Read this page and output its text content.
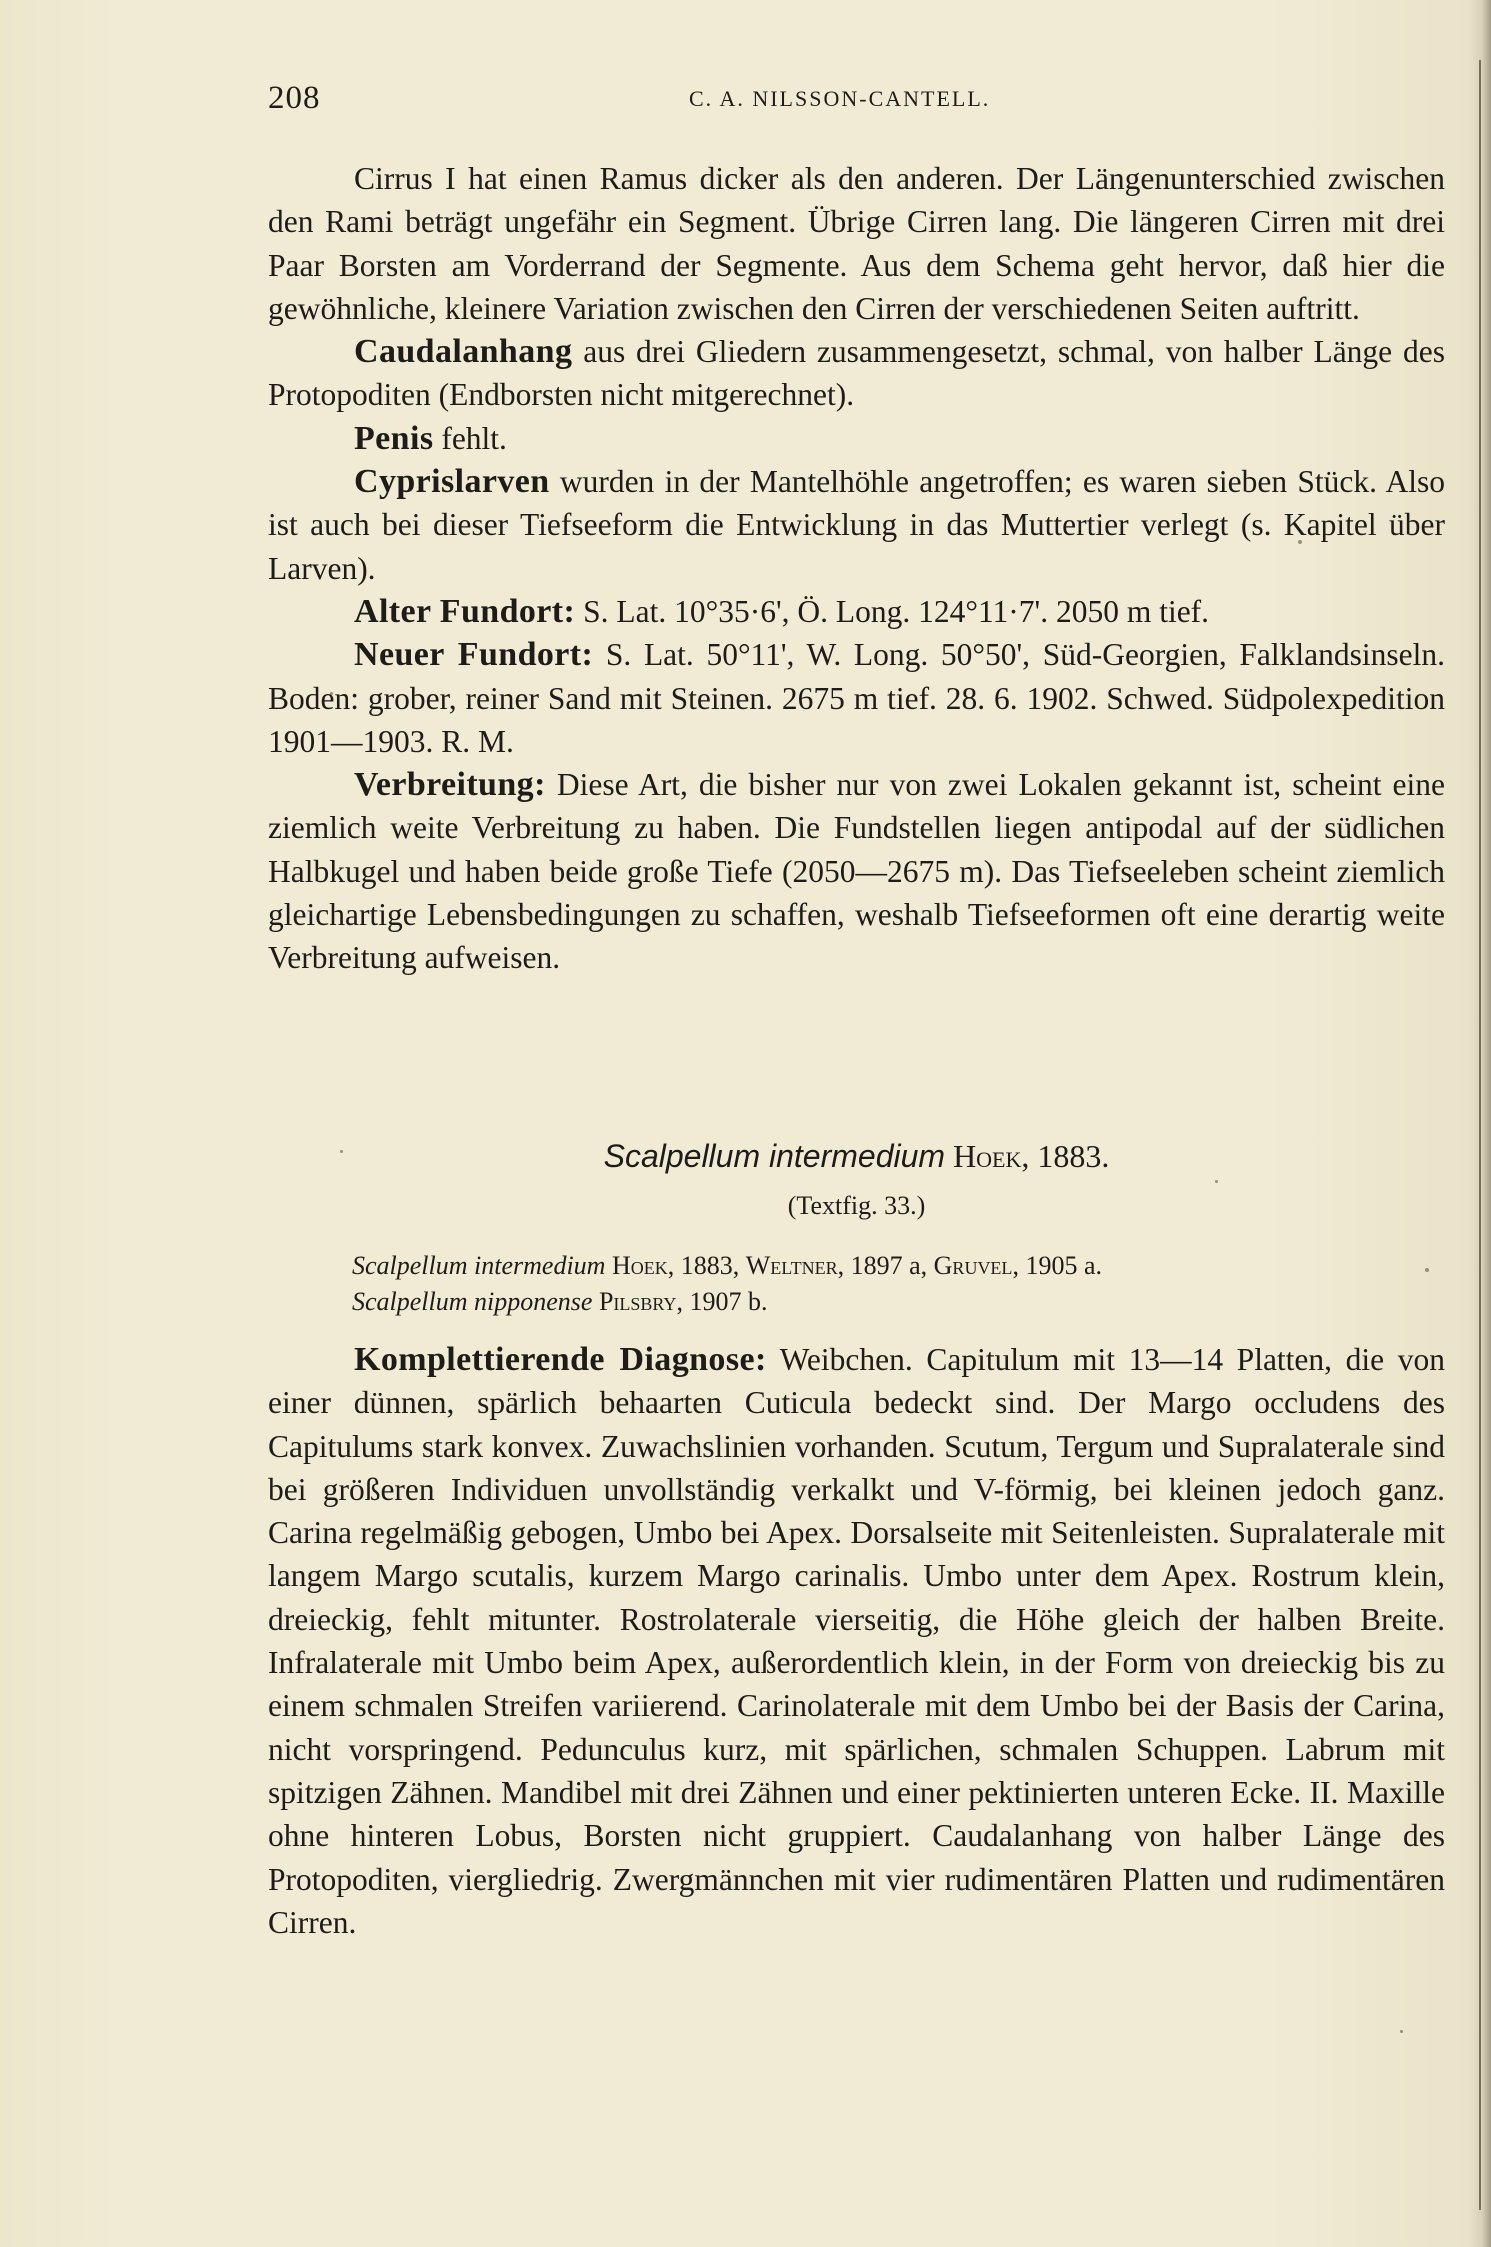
208	C. A. NILSSON-CANTELL.

Cirrus I hat einen Ramus dicker als den anderen. Der Längenunterschied zwischen den Rami beträgt ungefähr ein Segment. Übrige Cirren lang. Die längeren Cirren mit drei Paar Borsten am Vorderrand der Segmente. Aus dem Schema geht hervor, daß hier die gewöhnliche, kleinere Variation zwischen den Cirren der verschiedenen Seiten auftritt.

Caudalanhang aus drei Gliedern zusammengesetzt, schmal, von halber Länge des Protopoditen (Endborsten nicht mitgerechnet).

Penis fehlt.

Cyprislarven wurden in der Mantelhöhle angetroffen; es waren sieben Stück. Also ist auch bei dieser Tiefseeform die Entwicklung in das Muttertier verlegt (s. Kapitel über Larven).

Alter Fundort: S. Lat. 10°35·6', Ö. Long. 124°11·7'. 2050 m tief.

Neuer Fundort: S. Lat. 50°11', W. Long. 50°50', Süd-Georgien, Falklandsinseln. Boden: grober, reiner Sand mit Steinen. 2675 m tief. 28. 6. 1902. Schwed. Südpolexpedition 1901—1903. R. M.

Verbreitung: Diese Art, die bisher nur von zwei Lokalen gekannt ist, scheint eine ziemlich weite Verbreitung zu haben. Die Fundstellen liegen antipodal auf der südlichen Halbkugel und haben beide große Tiefe (2050—2675 m). Das Tiefseeleben scheint ziemlich gleichartige Lebensbedingungen zu schaffen, weshalb Tiefseeformen oft eine derartig weite Verbreitung aufweisen.

Scalpellum intermedium Hoek, 1883.
(Textfig. 33.)
Scalpellum intermedium Hoek, 1883, Weltner, 1897 a, Gruvel, 1905 a.
Scalpellum nipponense Pilsbry, 1907 b.

Komplettierende Diagnose: Weibchen. Capitulum mit 13—14 Platten, die von einer dünnen, spärlich behaarten Cuticula bedeckt sind. Der Margo occludens des Capitulums stark konvex. Zuwachslinien vorhanden. Scutum, Tergum und Supralaterale sind bei größeren Individuen unvollständig verkalkt und V-förmig, bei kleinen jedoch ganz. Carina regelmäßig gebogen, Umbo bei Apex. Dorsalseite mit Seitenleisten. Supralaterale mit langem Margo scutalis, kurzem Margo carinalis. Umbo unter dem Apex. Rostrum klein, dreieckig, fehlt mitunter. Rostrolaterale vierseitig, die Höhe gleich der halben Breite. Infralaterale mit Umbo beim Apex, außerordentlich klein, in der Form von dreieckig bis zu einem schmalen Streifen variierend. Carinolaterale mit dem Umbo bei der Basis der Carina, nicht vorspringend. Pedunculus kurz, mit spärlichen, schmalen Schuppen. Labrum mit spitzigen Zähnen. Mandibel mit drei Zähnen und einer pektinierten unteren Ecke. II. Maxille ohne hinteren Lobus, Borsten nicht gruppiert. Caudalanhang von halber Länge des Protopoditen, viergliedrig. Zwergmännchen mit vier rudimentären Platten und rudimentären Cirren.
